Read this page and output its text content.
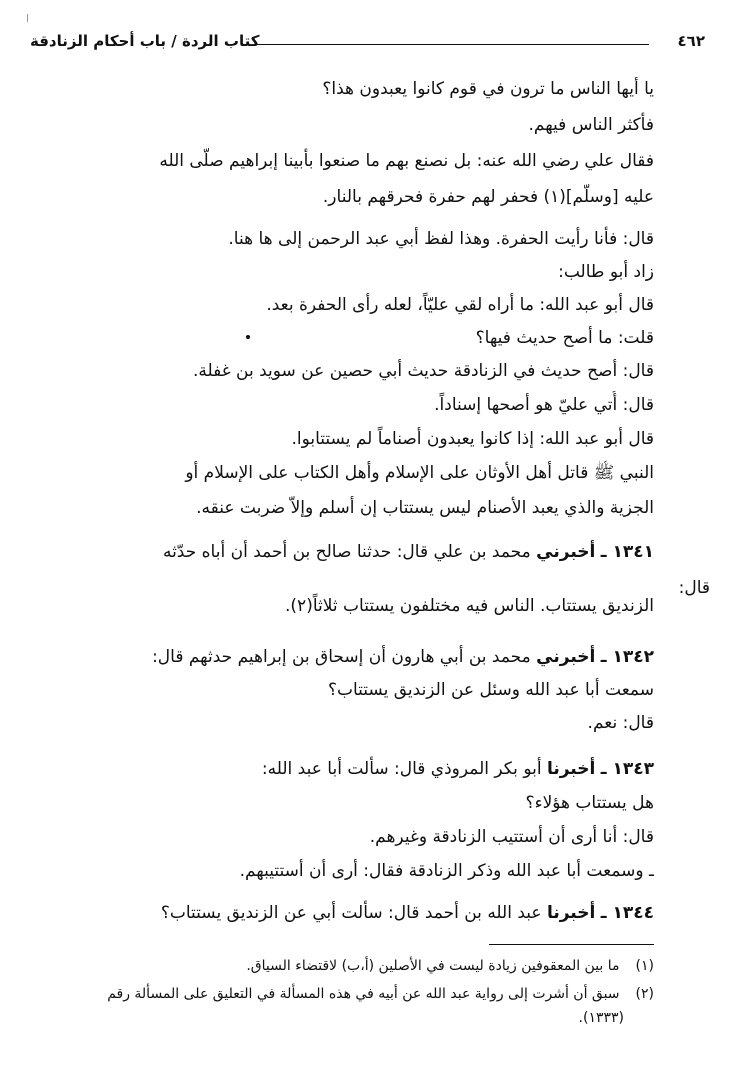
٤٦٢
كتاب الردة / باب أحكام الزنادقة
يا أيها الناس ما ترون في قوم كانوا يعبدون هذا؟
فأكثر الناس فيهم.
فقال علي رضي الله عنه: بل نصنع بهم ما صنعوا بأبينا إبراهيم صلّى الله
عليه [وسلّم](١) فحفر لهم حفرة فحرقهم بالنار.
قال: فأنا رأيت الحفرة. وهذا لفظ أبي عبد الرحمن إلى ها هنا.
زاد أبو طالب:
قال أبو عبد الله: ما أراه لقي عليّاً، لعله رأى الحفرة بعد.
قلت: ما أصح حديث فيها؟
قال: أصح حديث في الزنادقة حديث أبي حصين عن سويد بن غفلة.
قال: أُتي عليّ هو أصحها إسناداً.
قال أبو عبد الله: إذا كانوا يعبدون أصناماً لم يستتابوا.
النبي ﷺ قاتل أهل الأوثان على الإسلام وأهل الكتاب على الإسلام أو
الجزية والذي يعبد الأصنام ليس يستتاب إن أسلم وإلاّ ضربت عنقه.
١٣٤١ ـ أخبرني محمد بن علي قال: حدثنا صالح بن أحمد أن أباه حدّثه
قال:
الزنديق يستتاب. الناس فيه مختلفون يستتاب ثلاثاً(٢).
١٣٤٢ ـ أخبرني محمد بن أبي هارون أن إسحاق بن إبراهيم حدثهم قال:
سمعت أبا عبد الله وسئل عن الزنديق يستتاب؟
قال: نعم.
١٣٤٣ ـ أخبرنا أبو بكر المروذي قال: سألت أبا عبد الله:
هل يستتاب هؤلاء؟
قال: أنا أرى أن أستتيب الزنادقة وغيرهم.
ـ وسمعت أبا عبد الله وذكر الزنادقة فقال: أرى أن أستتيبهم.
١٣٤٤ ـ أخبرنا عبد الله بن أحمد قال: سألت أبي عن الزنديق يستتاب؟
(١) ما بين المعقوفين زيادة ليست في الأصلين (أ،ب) لاقتضاء السياق.
(٢) سبق أن أشرت إلى رواية عبد الله عن أبيه في هذه المسألة في التعليق على المسألة رقم
(١٣٣٣).
